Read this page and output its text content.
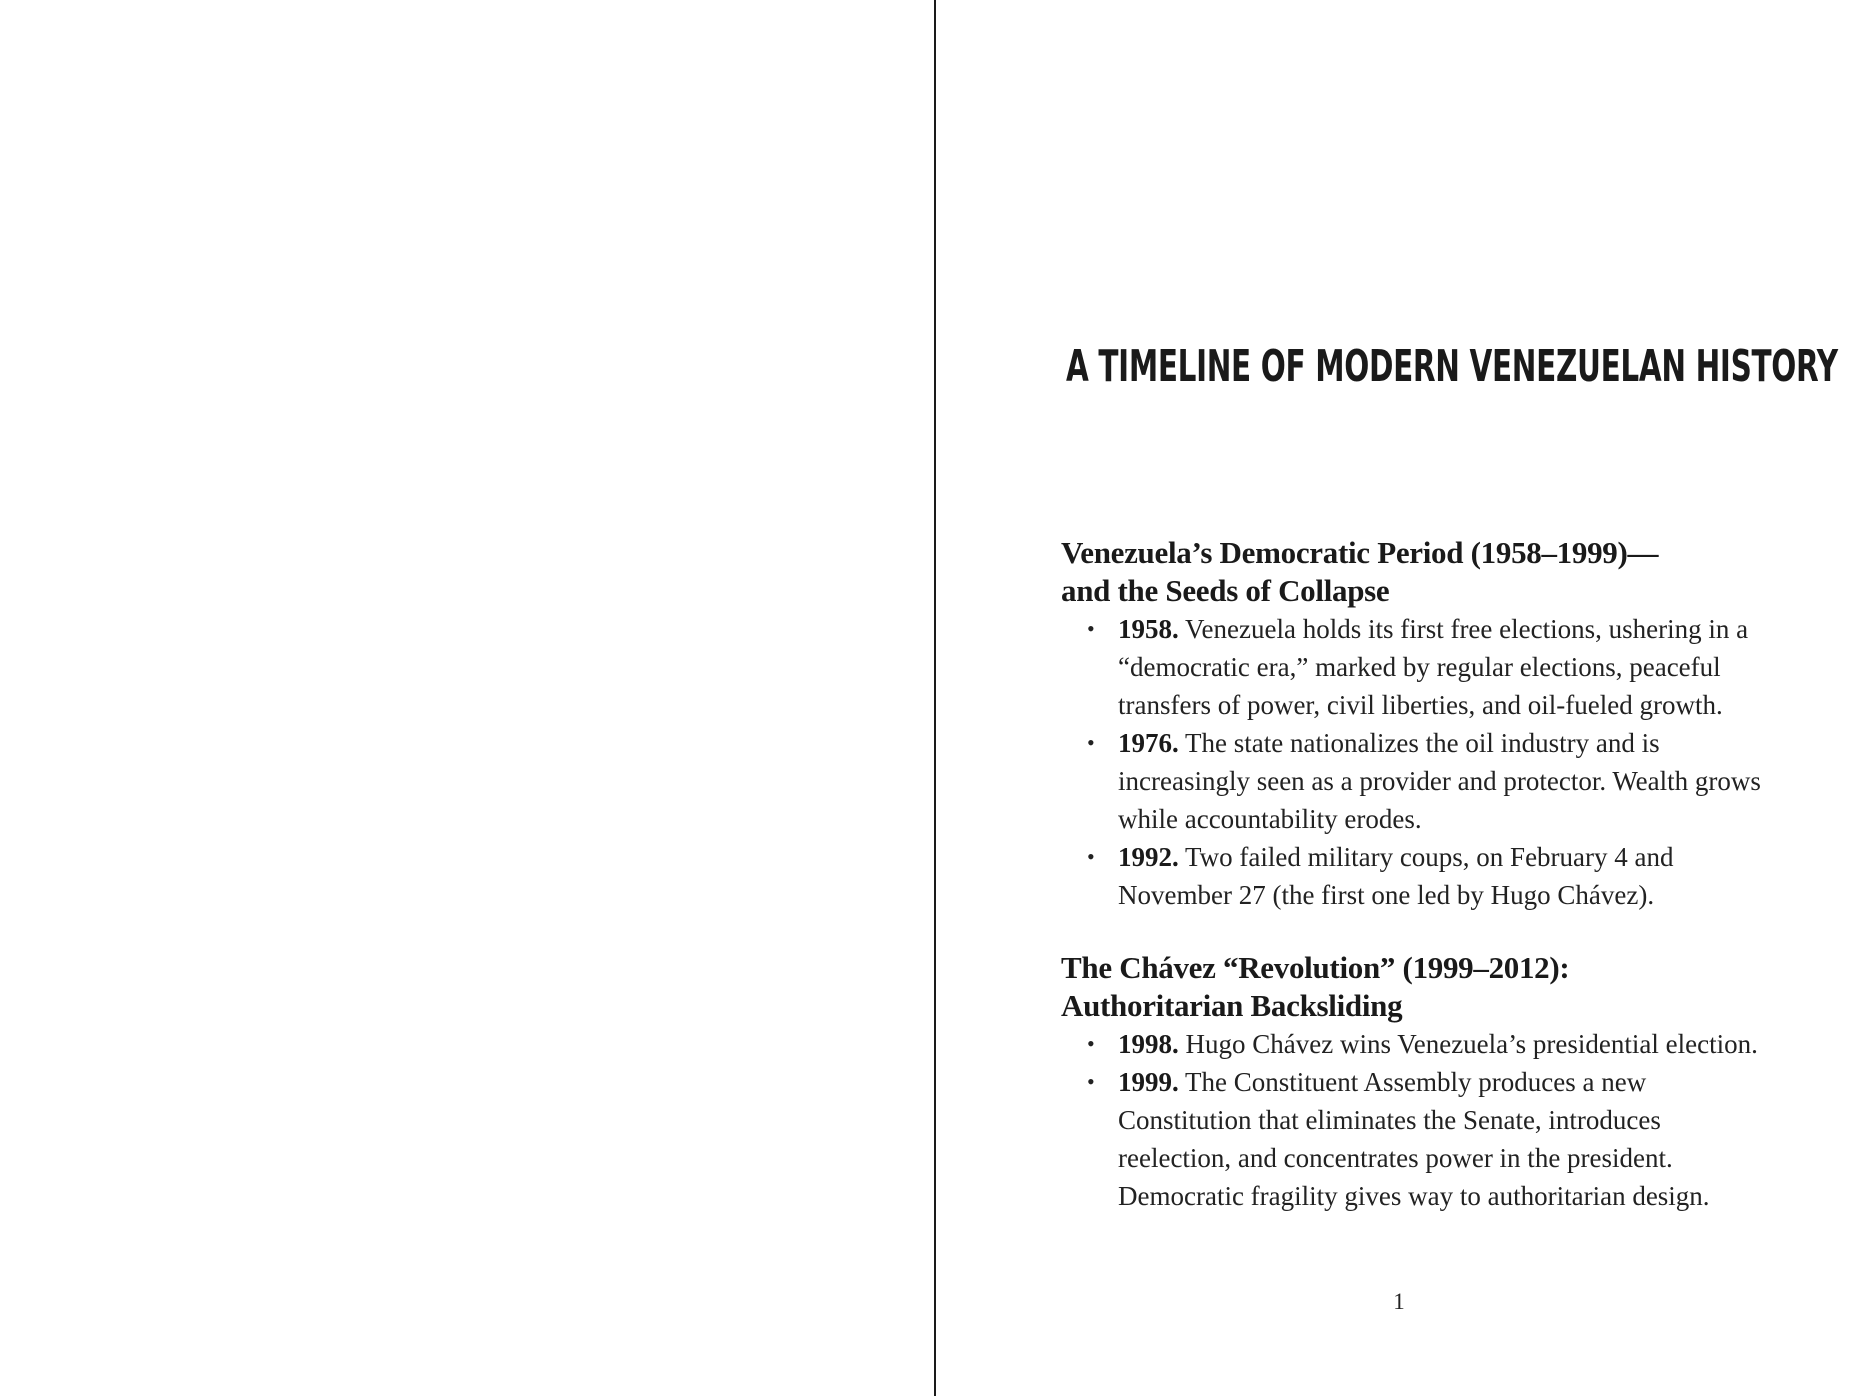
A TIMELINE OF MODERN VENEZUELAN HISTORY
Venezuela’s Democratic Period (1958–1999)—
and the Seeds of Collapse
• 1958. Venezuela holds its first free elections, ushering in a “democratic era,” marked by regular elections, peaceful transfers of power, civil liberties, and oil-fueled growth.
• 1976. The state nationalizes the oil industry and is increasingly seen as a provider and protector. Wealth grows while accountability erodes.
• 1992. Two failed military coups, on February 4 and November 27 (the first one led by Hugo Chávez).
The Chávez “Revolution” (1999–2012):
Authoritarian Backsliding
• 1998. Hugo Chávez wins Venezuela’s presidential election.
• 1999. The Constituent Assembly produces a new Constitution that eliminates the Senate, introduces reelection, and concentrates power in the president. Democratic fragility gives way to authoritarian design.
1
